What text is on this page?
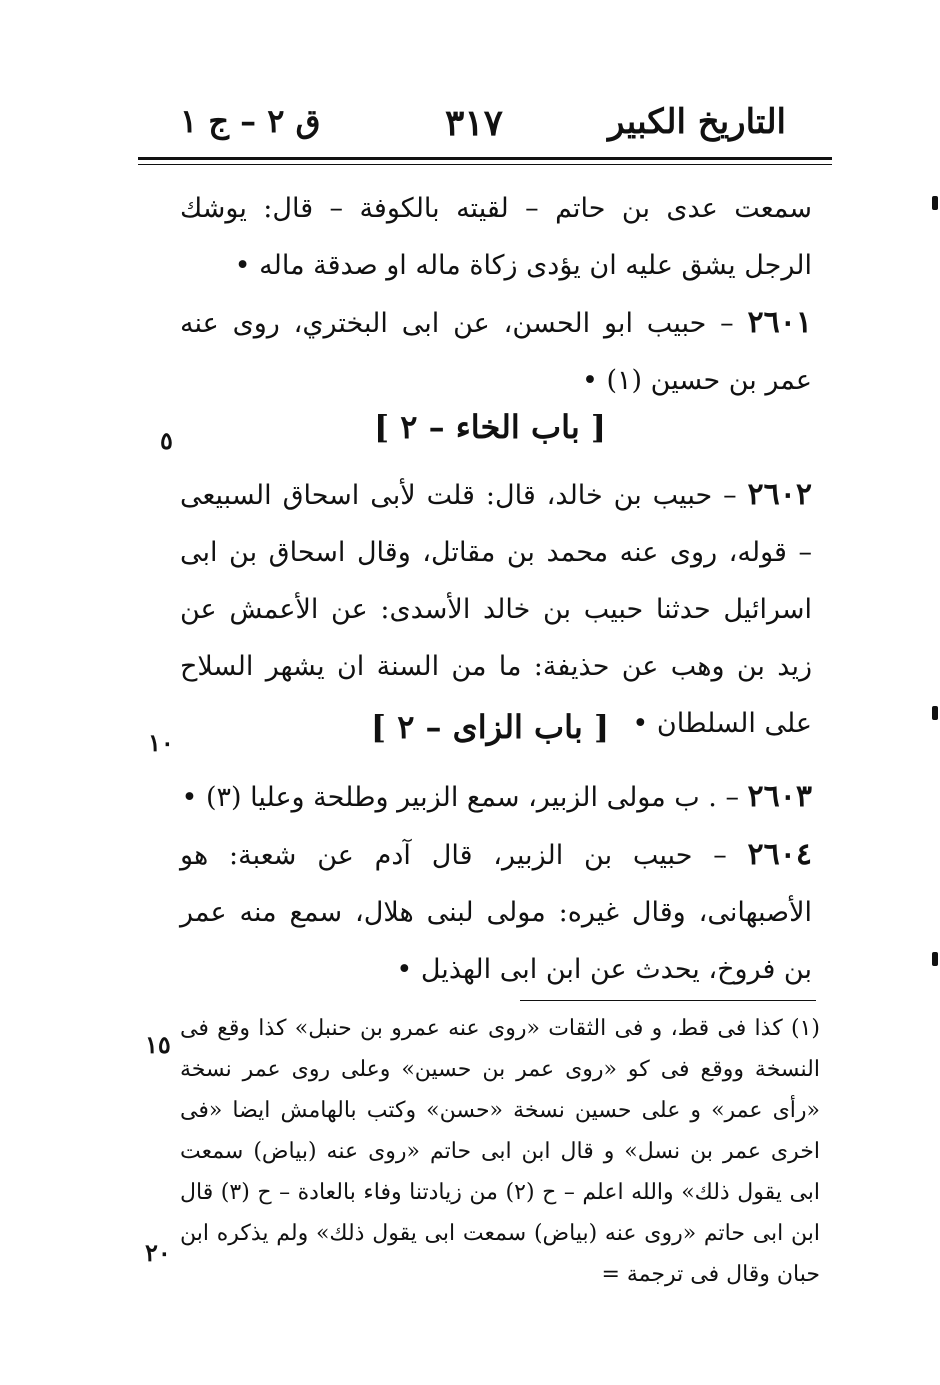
التاريخ الكبير
٣١٧
ق ٢ – ج ١

سمعت عدى بن حاتم – لقيته بالكوفة – قال: يوشك الرجل يشق عليه ان يؤدى زكاة ماله او صدقة ماله •

٢٦٠١ – حبيب ابو الحسن، عن ابى البختري، روى عنه عمر بن حسين (١) •

[ باب الخاء – ٢ ]
٥

٢٦٠٢ – حبيب بن خالد، قال: قلت لأبى اسحاق السبيعى – قوله، روى عنه محمد بن مقاتل، وقال اسحاق بن ابى اسرائيل حدثنا حبيب بن خالد الأسدى: عن الأعمش عن زيد بن وهب عن حذيفة: ما من السنة ان يشهر السلاح على السلطان •

[ باب الزاى – ٢ ]
١٠

٢٦٠٣ – . ب مولى الزبير، سمع الزبير وطلحة وعليا (٣) •

٢٦٠٤ – حبيب بن الزبير، قال آدم عن شعبة: هو الأصبهانى، وقال غيره: مولى لبنى هلال، سمع منه عمر بن فروخ، يحدث عن ابن ابى الهذيل •

١٥
(١) كذا فى قط، و فى الثقات «روى عنه عمرو بن حنبل» كذا وقع فى النسخة ووقع فى كو «روى عمر بن حسين» وعلى روى عمر نسخة «رأى عمر» و على حسين نسخة «حسن» وكتب بالهامش ايضا «فى اخرى عمر بن نسل» و قال ابن ابى حاتم «روى عنه (بياض) سمعت ابى يقول ذلك» والله اعلم – ح (٢) من زيادتنا وفاء بالعادة – ح (٣) قال ابن ابى حاتم «روى عنه (بياض) سمعت ابى يقول ذلك» ولم يذكره ابن حبان وقال فى ترجمة =
٢٠
